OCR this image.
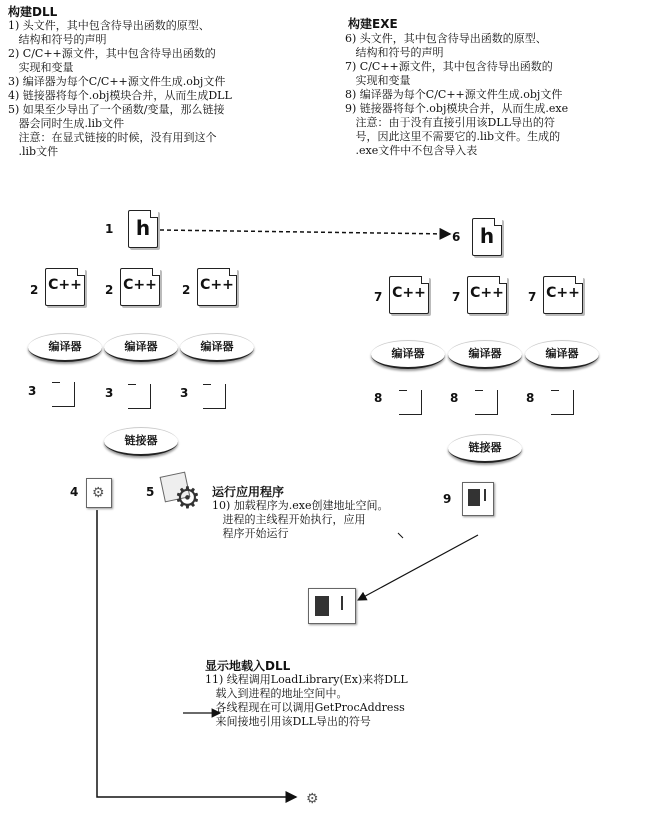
构建DLL
1) 头文件，其中包含待导出函数的原型、
结构和符号的声明
2) C/C++源文件，其中包含待导出函数的
实现和变量
3) 编译器为每个C/C++源文件生成.obj文件
4) 链接器将每个.obj模块合并，从而生成DLL
5) 如果至少导出了一个函数/变量，那么链接
器会同时生成.lib文件
注意：在显式链接的时候，没有用到这个
.lib文件
构建EXE
6) 头文件，其中包含待导出函数的原型、
结构和符号的声明
7) C/C++源文件，其中包含待导出函数的
实现和变量
8) 编译器为每个C/C++源文件生成.obj文件
9) 链接器将每个.obj模块合并，从而生成.exe
注意：由于没有直接引用该DLL导出的符
号，因此这里不需要它的.lib文件。生成的
.exe文件中不包含导入表
1	h	6 h
2 C++ 2 C++ 2 C++
7 C++ 7 C++ 7 C++
编译器	编译器	编译器
编译器	编译器	编译器
3	3	3	8	8	8
链接器
链接器
4 ⚙	5 ⚙ 运行应用程序
10) 加载程序为.exe创建地址空间。
进程的主线程开始执行，应用
程序开始运行
9
显示地载入DLL
11) 线程调用LoadLibrary(Ex)来将DLL
载入到进程的地址空间中。
各线程现在可以调用GetProcAddress
来间接地引用该DLL导出的符号
⚙
